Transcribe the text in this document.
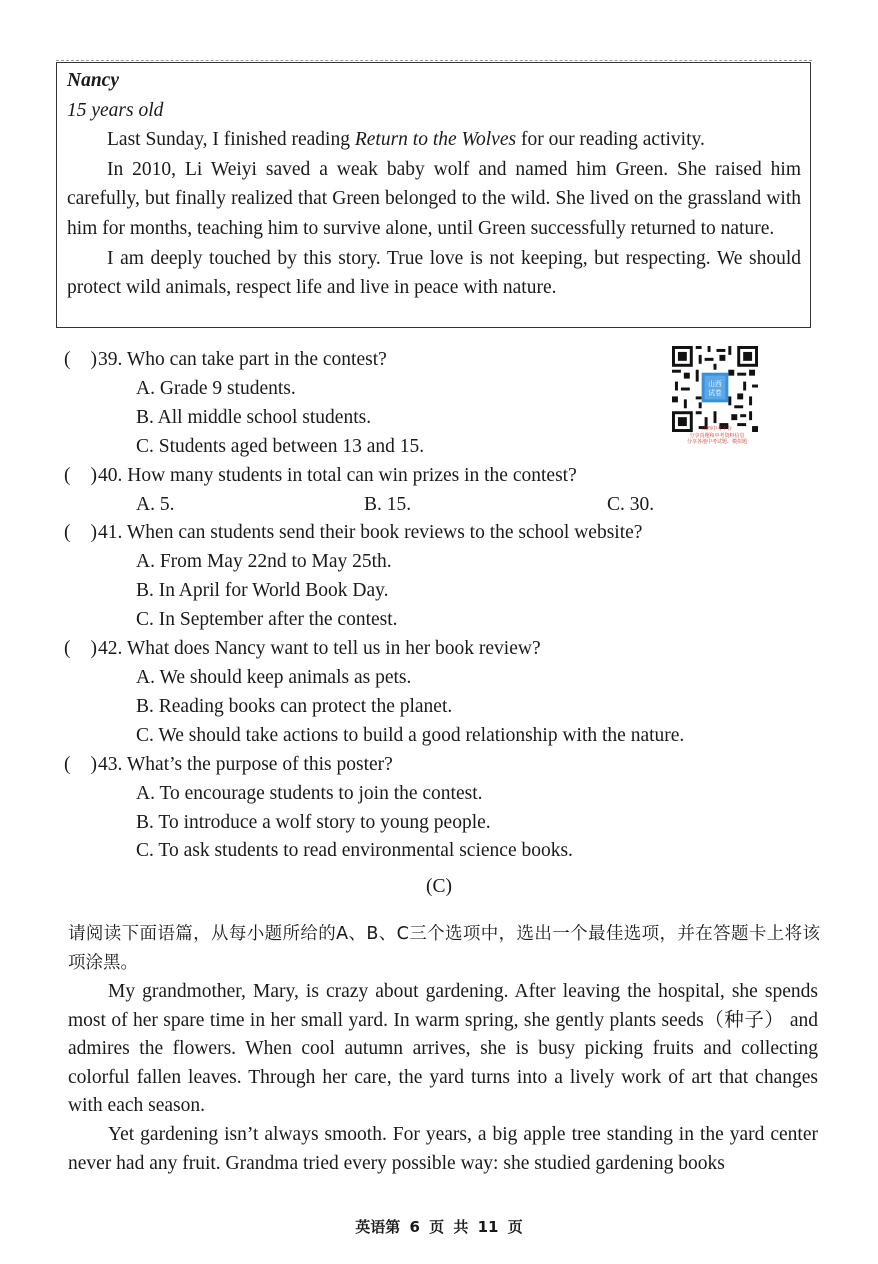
Nancy
15 years old

Last Sunday, I finished reading Return to the Wolves for our reading activity.

In 2010, Li Weiyi saved a weak baby wolf and named him Green. She raised him carefully, but finally realized that Green belonged to the wild. She lived on the grassland with him for months, teaching him to survive alone, until Green successfully returned to nature.

I am deeply touched by this story. True love is not keeping, but respecting. We should protect wild animals, respect life and live in peace with nature.

山西
试卷
山西中考平台
分享真题和中考资料信息
分享各地中考试题、模拟题
( )39. Who can take part in the contest?
A. Grade 9 students.
B. All middle school students.
C. Students aged between 13 and 15.
( )40. How many students in total can win prizes in the contest?
A. 5.	B. 15.	C. 30.
( )41. When can students send their book reviews to the school website?
A. From May 22nd to May 25th.
B. In April for World Book Day.
C. In September after the contest.
( )42. What does Nancy want to tell us in her book review?
A. We should keep animals as pets.
B. Reading books can protect the planet.
C. We should take actions to build a good relationship with the nature.
( )43. What’s the purpose of this poster?
A. To encourage students to join the contest.
B. To introduce a wolf story to young people.
C. To ask students to read environmental science books.
(C)
请阅读下面语篇，从每小题所给的A、B、C三个选项中，选出一个最佳选项，并在答题卡上将该项涂黑。

My grandmother, Mary, is crazy about gardening. After leaving the hospital, she spends most of her spare time in her small yard. In warm spring, she gently plants seeds（种子） and admires the flowers. When cool autumn arrives, she is busy picking fruits and collecting colorful fallen leaves. Through her care, the yard turns into a lively work of art that changes with each season.

Yet gardening isn’t always smooth. For years, a big apple tree standing in the yard center never had any fruit. Grandma tried every possible way: she studied gardening books

英语第 6 页 共 11 页
